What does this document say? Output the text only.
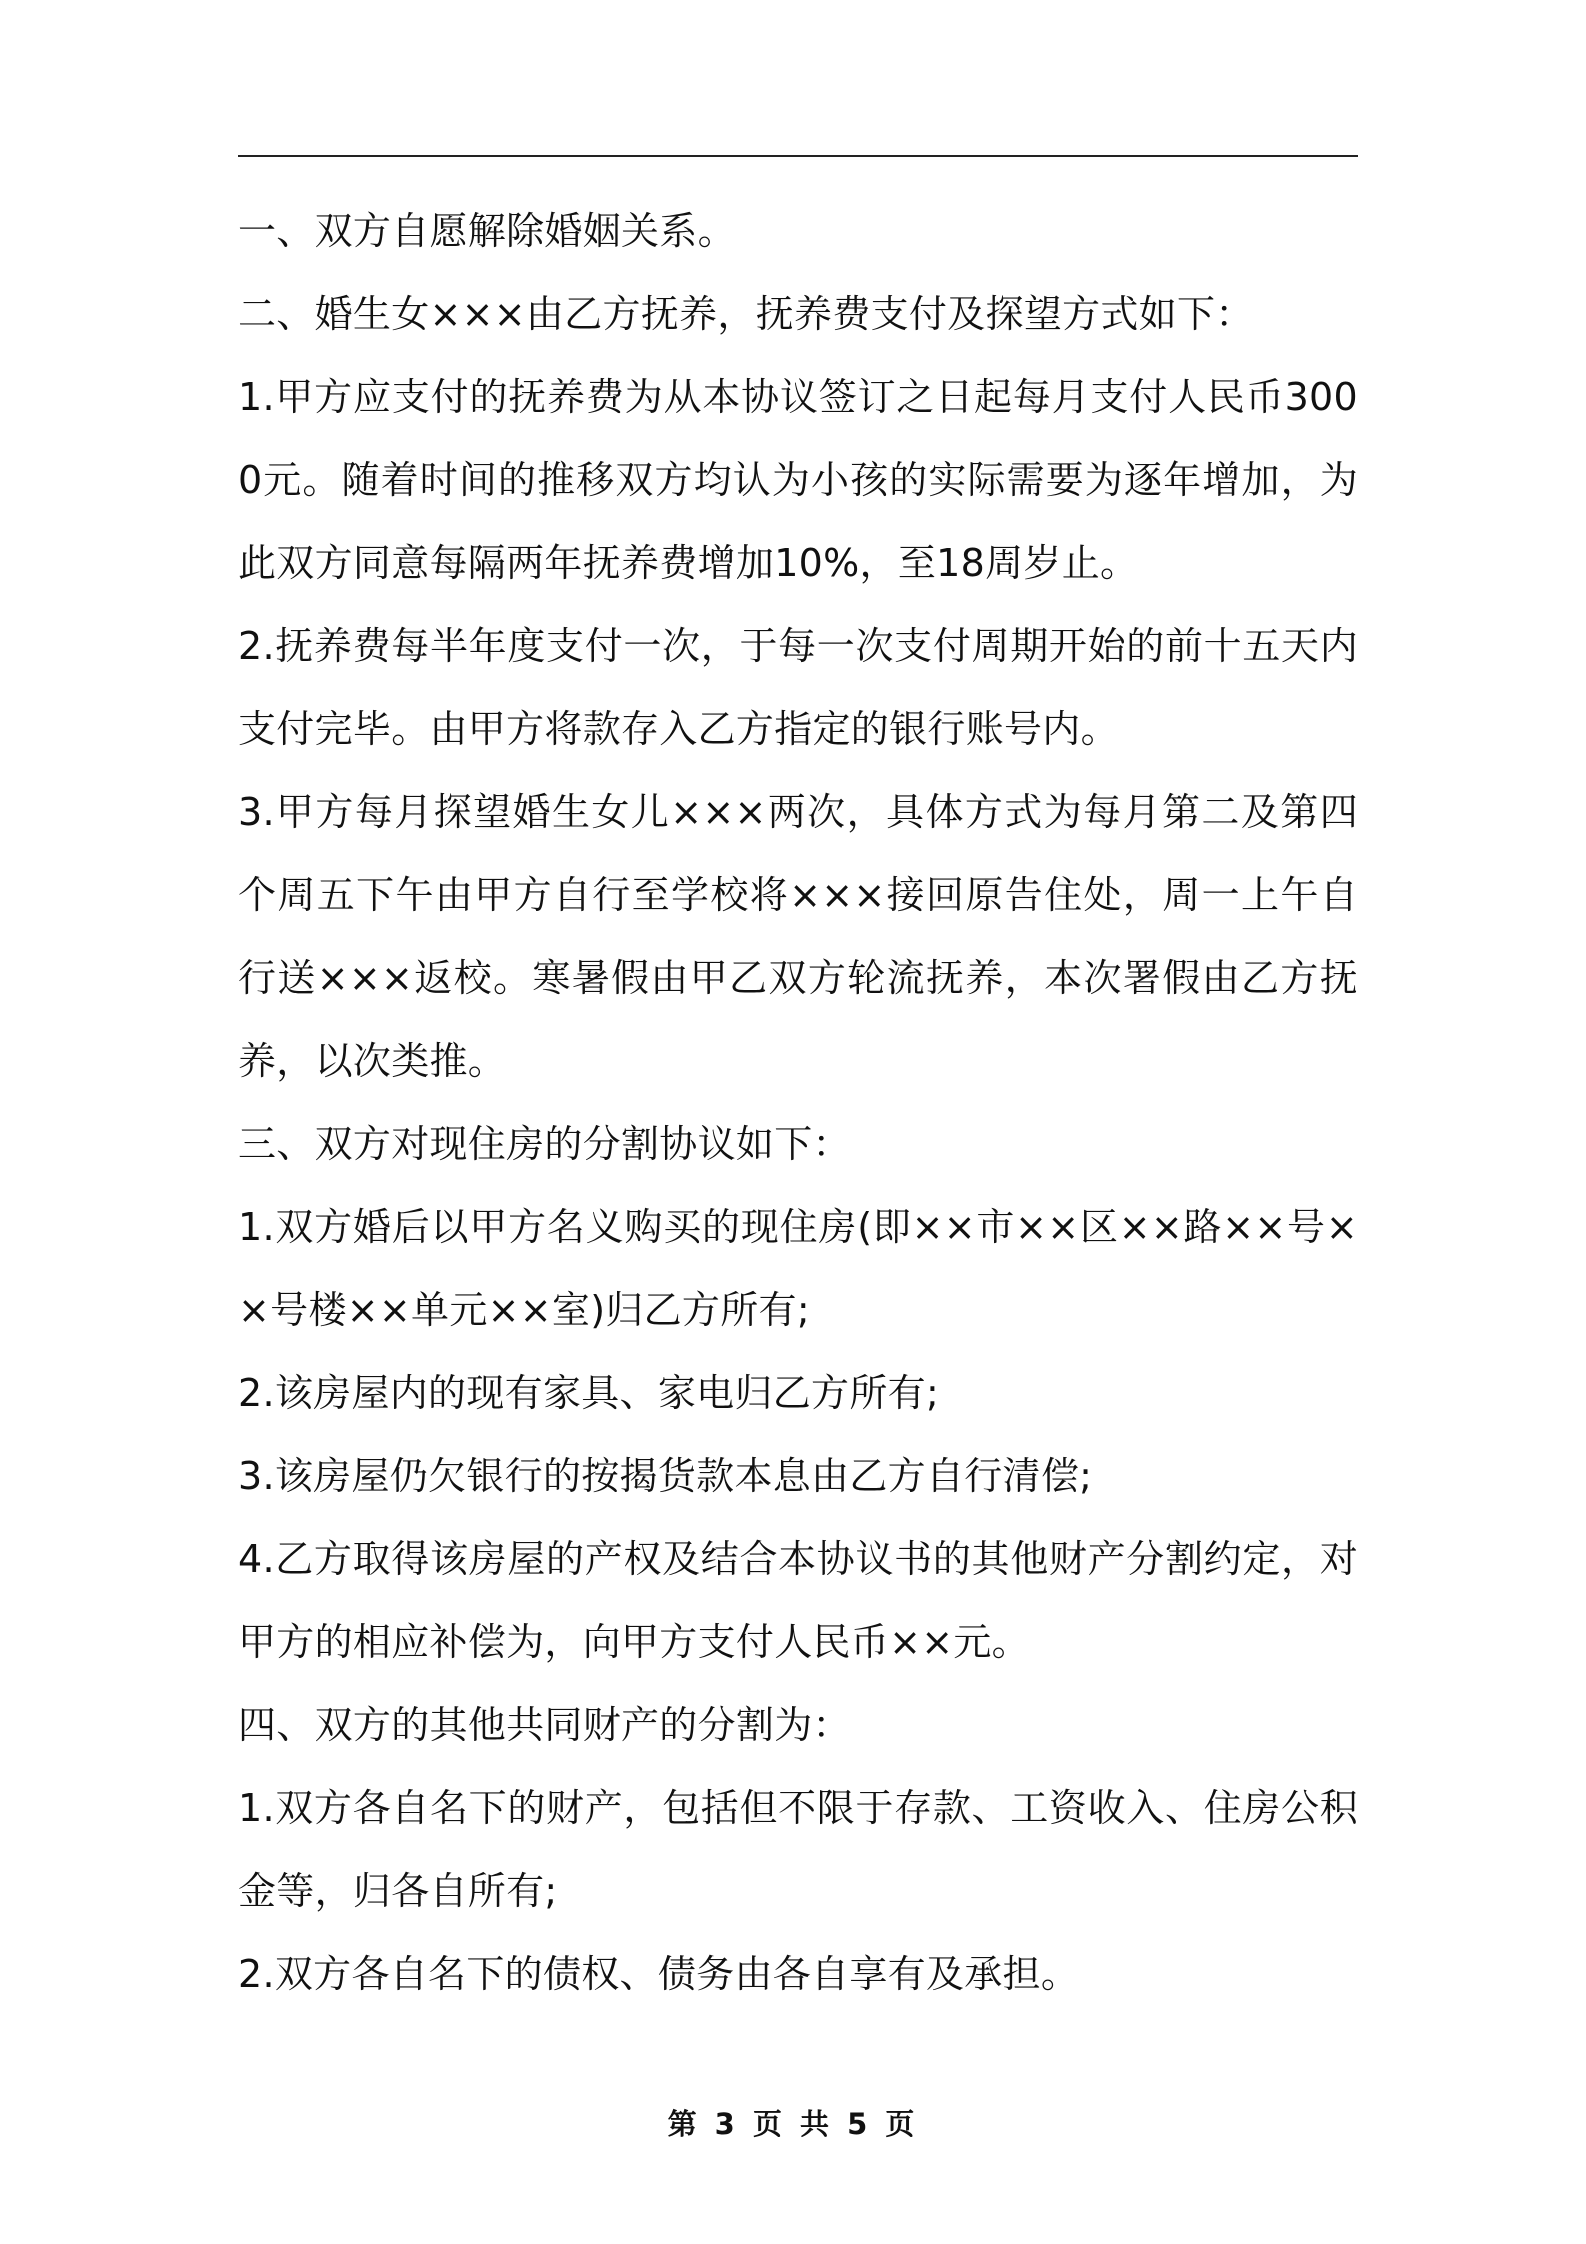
一、双方自愿解除婚姻关系。

二、婚生女×××由乙方抚养，抚养费支付及探望方式如下：

1.甲方应支付的抚养费为从本协议签订之日起每月支付人民币3000元。随着时间的推移双方均认为小孩的实际需要为逐年增加，为此双方同意每隔两年抚养费增加10%，至18周岁止。

2.抚养费每半年度支付一次，于每一次支付周期开始的前十五天内支付完毕。由甲方将款存入乙方指定的银行账号内。

3.甲方每月探望婚生女儿×××两次，具体方式为每月第二及第四个周五下午由甲方自行至学校将×××接回原告住处，周一上午自行送×××返校。寒暑假由甲乙双方轮流抚养，本次署假由乙方抚养，以次类推。

三、双方对现住房的分割协议如下：

1.双方婚后以甲方名义购买的现住房(即××市××区××路××号××号楼××单元××室)归乙方所有;

2.该房屋内的现有家具、家电归乙方所有;

3.该房屋仍欠银行的按揭货款本息由乙方自行清偿;

4.乙方取得该房屋的产权及结合本协议书的其他财产分割约定，对甲方的相应补偿为，向甲方支付人民币××元。

四、双方的其他共同财产的分割为：

1.双方各自名下的财产，包括但不限于存款、工资收入、住房公积金等，归各自所有;

2.双方各自名下的债权、债务由各自享有及承担。

第 3 页 共 5 页
